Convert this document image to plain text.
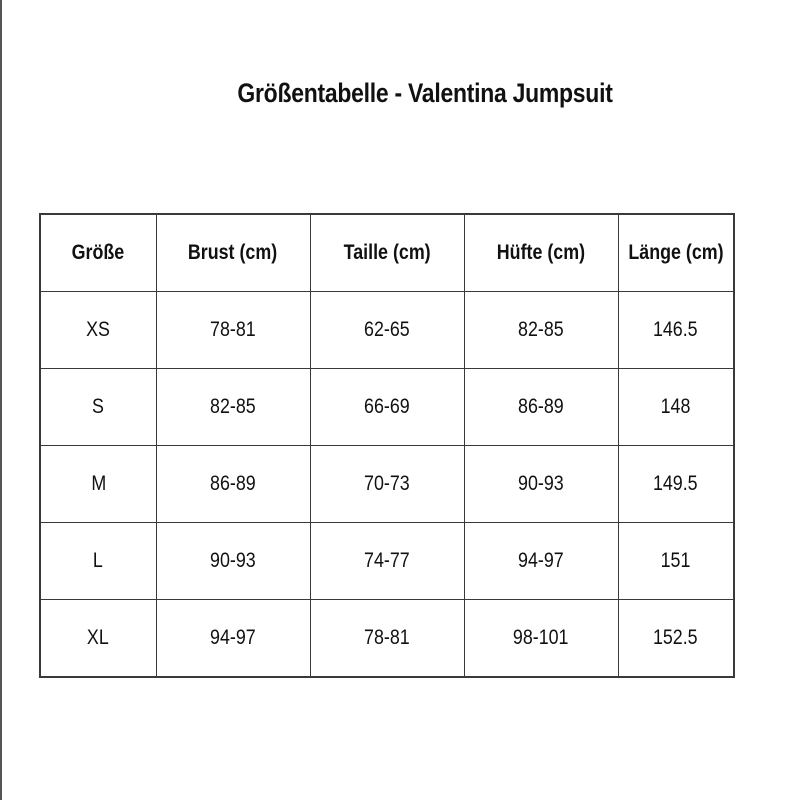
Größentabelle - Valentina Jumpsuit
Größe	Brust (cm)	Taille (cm)	Hüfte (cm)	Länge (cm)
XS	78-81	62-65	82-85	146.5
S	82-85	66-69	86-89	148
M	86-89	70-73	90-93	149.5
L	90-93	74-77	94-97	151
XL	94-97	78-81	98-101	152.5
